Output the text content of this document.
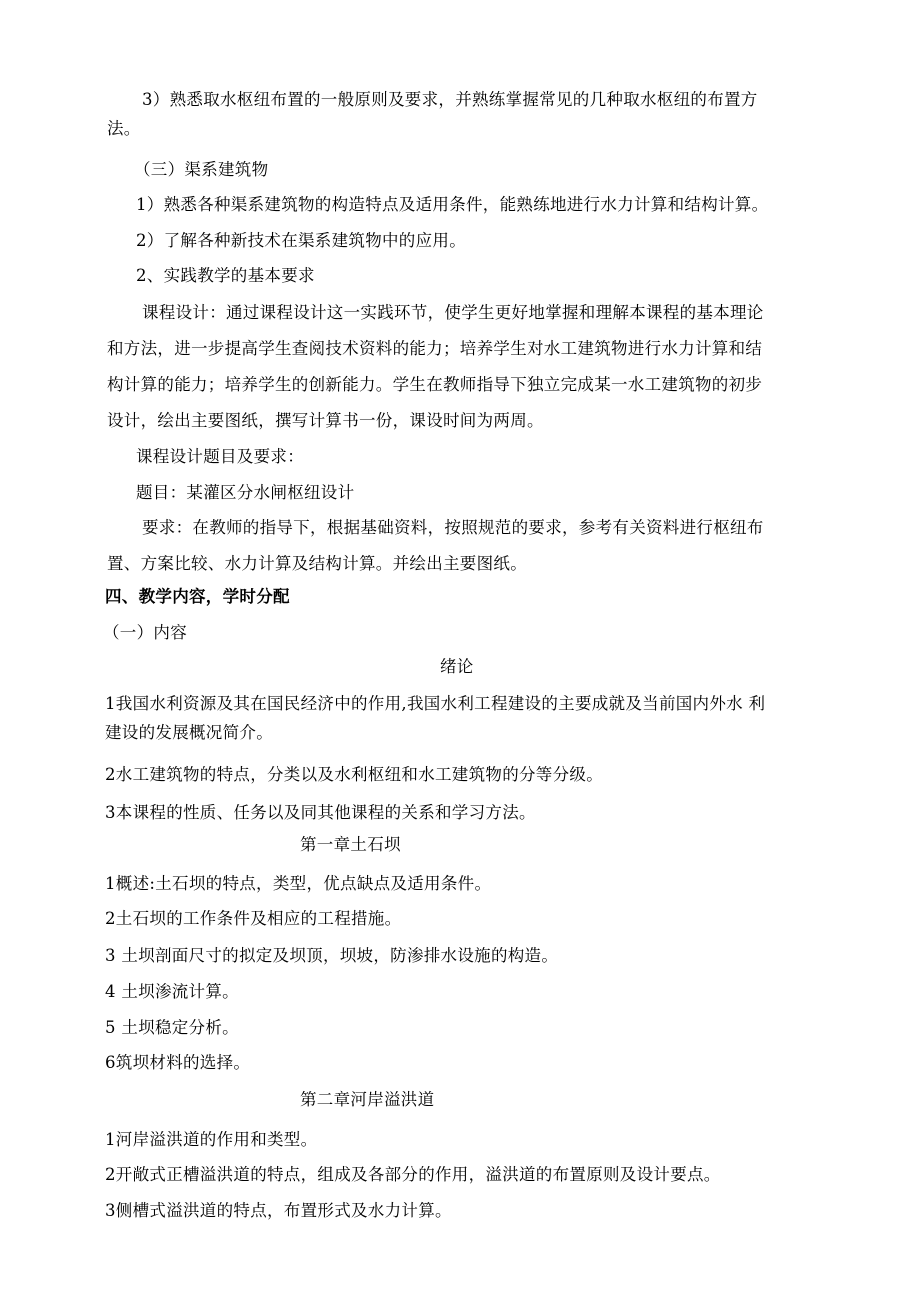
3）熟悉取水枢纽布置的一般原则及要求，并熟练掌握常见的几种取水枢纽的布置方
法。
（三）渠系建筑物
1）熟悉各种渠系建筑物的构造特点及适用条件，能熟练地进行水力计算和结构计算。
2）了解各种新技术在渠系建筑物中的应用。
2、实践教学的基本要求
课程设计：通过课程设计这一实践环节，使学生更好地掌握和理解本课程的基本理论
和方法，进一步提高学生查阅技术资料的能力；培养学生对水工建筑物进行水力计算和结
构计算的能力；培养学生的创新能力。学生在教师指导下独立完成某一水工建筑物的初步
设计，绘出主要图纸，撰写计算书一份，课设时间为两周。
课程设计题目及要求：
题目：某灌区分水闸枢纽设计
要求：在教师的指导下，根据基础资料，按照规范的要求，参考有关资料进行枢纽布
置、方案比较、水力计算及结构计算。并绘出主要图纸。
四、教学内容，学时分配
（一）内容
绪论
1我国水利资源及其在国民经济中的作用,我国水利工程建设的主要成就及当前国内外水 利
建设的发展概况简介。
2水工建筑物的特点，分类以及水利枢纽和水工建筑物的分等分级。
3本课程的性质、任务以及同其他课程的关系和学习方法。
第一章土石坝
1概述:土石坝的特点，类型，优点缺点及适用条件。
2土石坝的工作条件及相应的工程措施。
3 土坝剖面尺寸的拟定及坝顶，坝坡，防渗排水设施的构造。
4 土坝渗流计算。
5 土坝稳定分析。
6筑坝材料的选择。
第二章河岸溢洪道
1河岸溢洪道的作用和类型。
2开敞式正槽溢洪道的特点，组成及各部分的作用，溢洪道的布置原则及设计要点。
3侧槽式溢洪道的特点，布置形式及水力计算。
